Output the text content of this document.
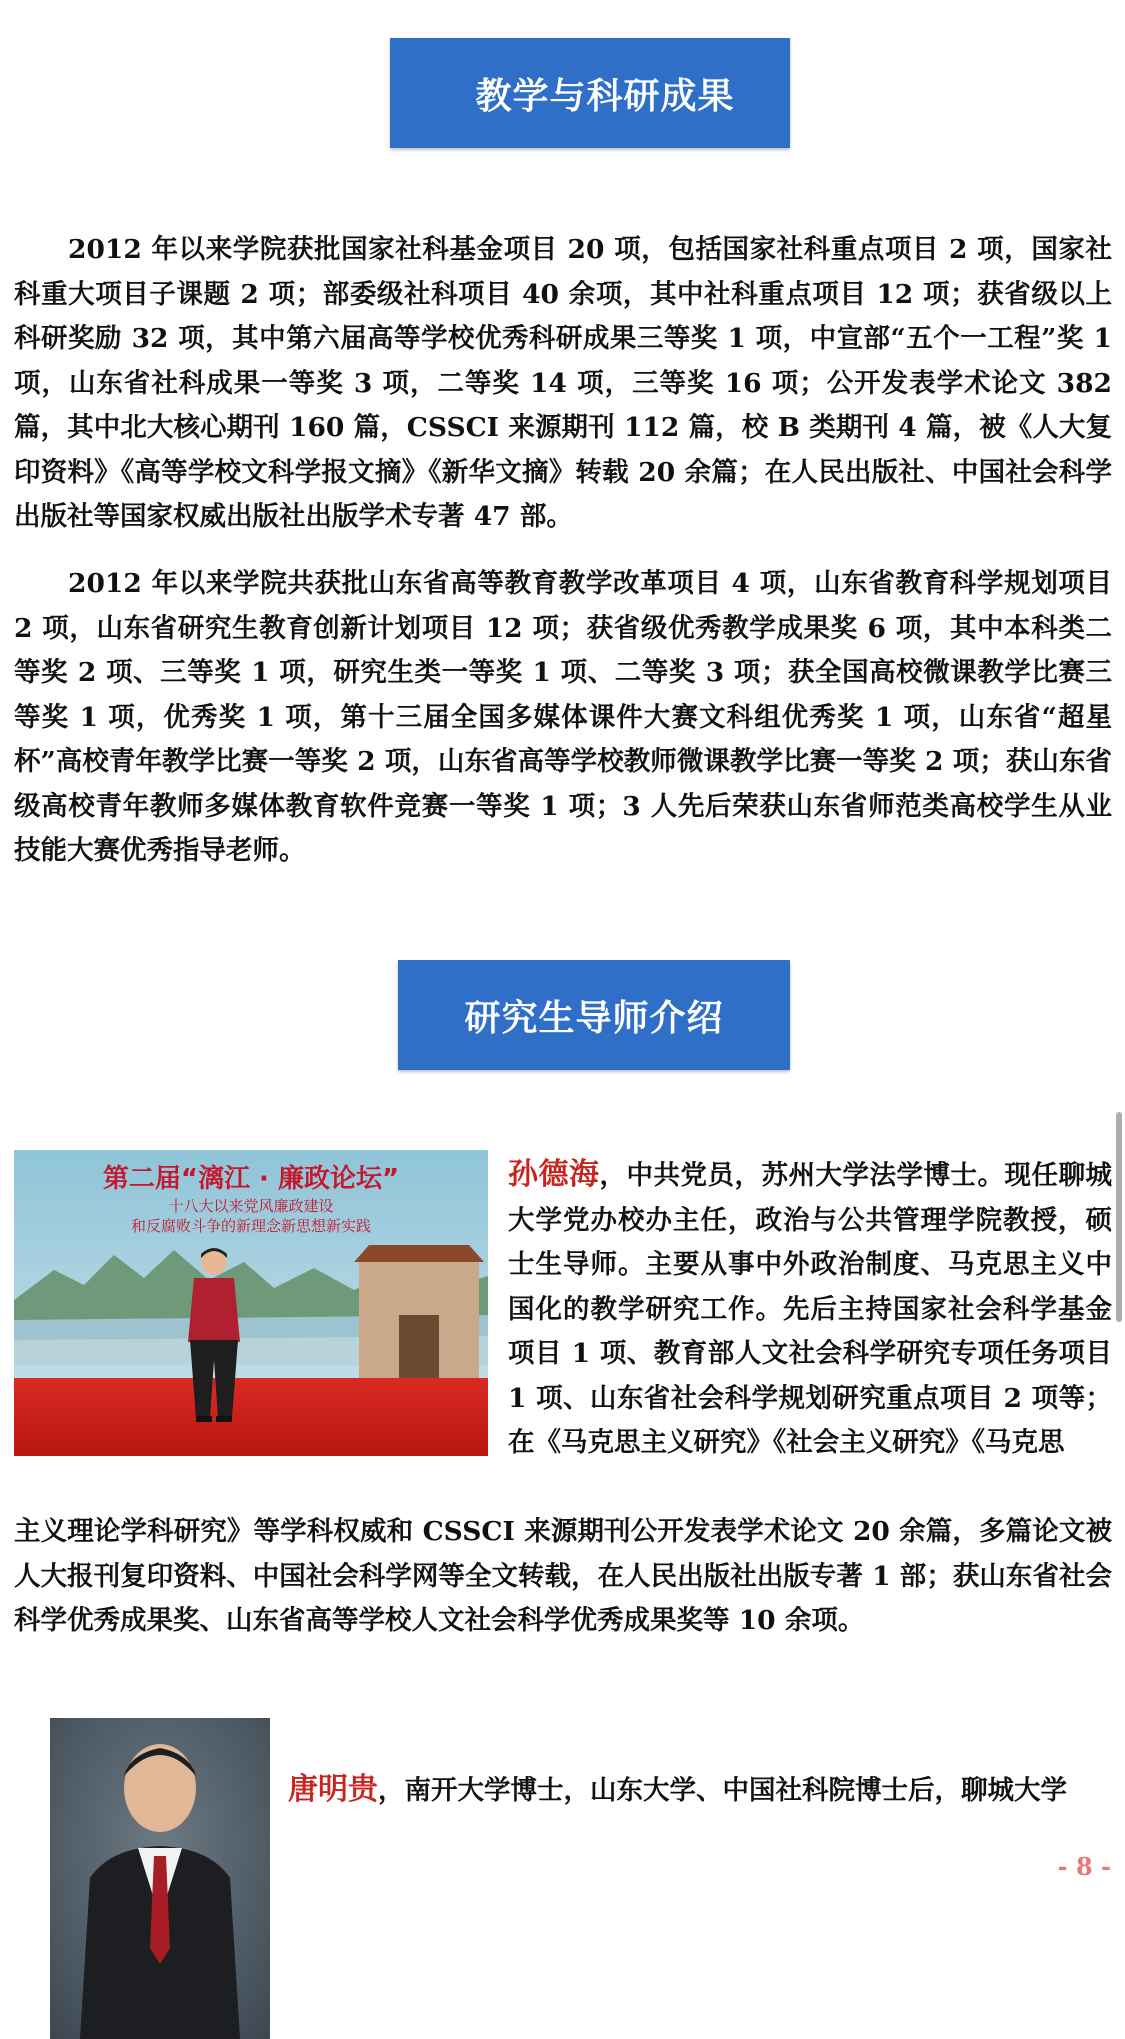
教学与科研成果

2012 年以来学院获批国家社科基金项目 20 项，包括国家社科重点项目 2 项，国家社科重大项目子课题 2 项；部委级社科项目 40 余项，其中社科重点项目 12 项；获省级以上科研奖励 32 项，其中第六届高等学校优秀科研成果三等奖 1 项，中宣部“五个一工程”奖 1 项，山东省社科成果一等奖 3 项，二等奖 14 项，三等奖 16 项；公开发表学术论文 382 篇，其中北大核心期刊 160 篇，CSSCI 来源期刊 112 篇，校 B 类期刊 4 篇，被《人大复印资料》《高等学校文科学报文摘》《新华文摘》转载 20 余篇；在人民出版社、中国社会科学出版社等国家权威出版社出版学术专著 47 部。

2012 年以来学院共获批山东省高等教育教学改革项目 4 项，山东省教育科学规划项目 2 项，山东省研究生教育创新计划项目 12 项；获省级优秀教学成果奖 6 项，其中本科类二等奖 2 项、三等奖 1 项，研究生类一等奖 1 项、二等奖 3 项；获全国高校微课教学比赛三等奖 1 项，优秀奖 1 项，第十三届全国多媒体课件大赛文科组优秀奖 1 项，山东省“超星杯”高校青年教学比赛一等奖 2 项，山东省高等学校教师微课教学比赛一等奖 2 项；获山东省级高校青年教师多媒体教育软件竞赛一等奖 1 项；3 人先后荣获山东省师范类高校学生从业技能大赛优秀指导老师。

研究生导师介绍
第二届“漓江 · 廉政论坛”
十八大以来党风廉政建设
和反腐败斗争的新理念新思想新实践

孙德海，中共党员，苏州大学法学博士。现任聊城大学党办校办主任，政治与公共管理学院教授，硕士生导师。主要从事中外政治制度、马克思主义中国化的教学研究工作。先后主持国家社会科学基金项目 1 项、教育部人文社会科学研究专项任务项目 1 项、山东省社会科学规划研究重点项目 2 项等；在《马克思主义研究》《社会主义研究》《马克思

主义理论学科研究》等学科权威和 CSSCI 来源期刊公开发表学术论文 20 余篇，多篇论文被人大报刊复印资料、中国社会科学网等全文转载，在人民出版社出版专著 1 部；获山东省社会科学优秀成果奖、山东省高等学校人文社会科学优秀成果奖等 10 余项。

唐明贵，南开大学博士，山东大学、中国社科院博士后，聊城大学

- 8 -
